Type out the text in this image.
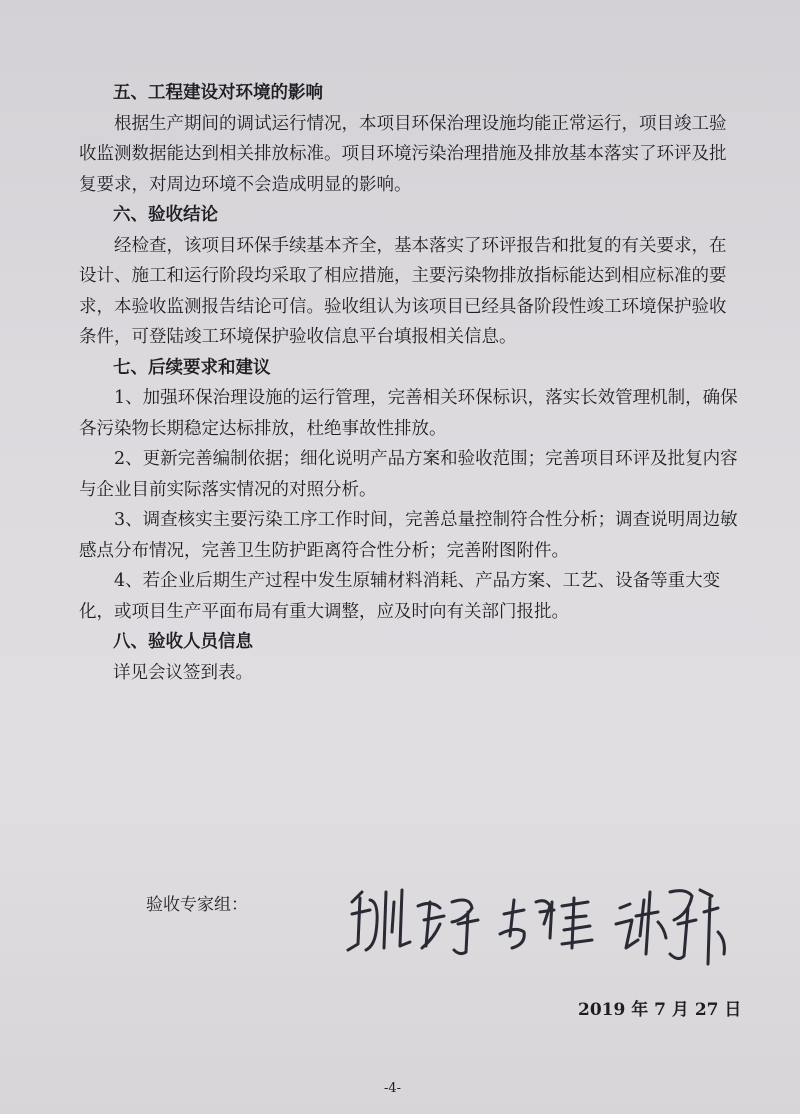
五、工程建设对环境的影响

根据生产期间的调试运行情况，本项目环保治理设施均能正常运行，项目竣工验收监测数据能达到相关排放标准。项目环境污染治理措施及排放基本落实了环评及批复要求，对周边环境不会造成明显的影响。

六、验收结论

经检查，该项目环保手续基本齐全，基本落实了环评报告和批复的有关要求，在设计、施工和运行阶段均采取了相应措施，主要污染物排放指标能达到相应标准的要求，本验收监测报告结论可信。验收组认为该项目已经具备阶段性竣工环境保护验收条件，可登陆竣工环境保护验收信息平台填报相关信息。

七、后续要求和建议

1、加强环保治理设施的运行管理，完善相关环保标识，落实长效管理机制，确保各污染物长期稳定达标排放，杜绝事故性排放。

2、更新完善编制依据；细化说明产品方案和验收范围；完善项目环评及批复内容与企业目前实际落实情况的对照分析。

3、调查核实主要污染工序工作时间，完善总量控制符合性分析；调查说明周边敏感点分布情况，完善卫生防护距离符合性分析；完善附图附件。

4、若企业后期生产过程中发生原辅材料消耗、产品方案、工艺、设备等重大变化，或项目生产平面布局有重大调整，应及时向有关部门报批。

八、验收人员信息

详见会议签到表。

验收专家组：
2019 年 7 月 27 日
-4-
